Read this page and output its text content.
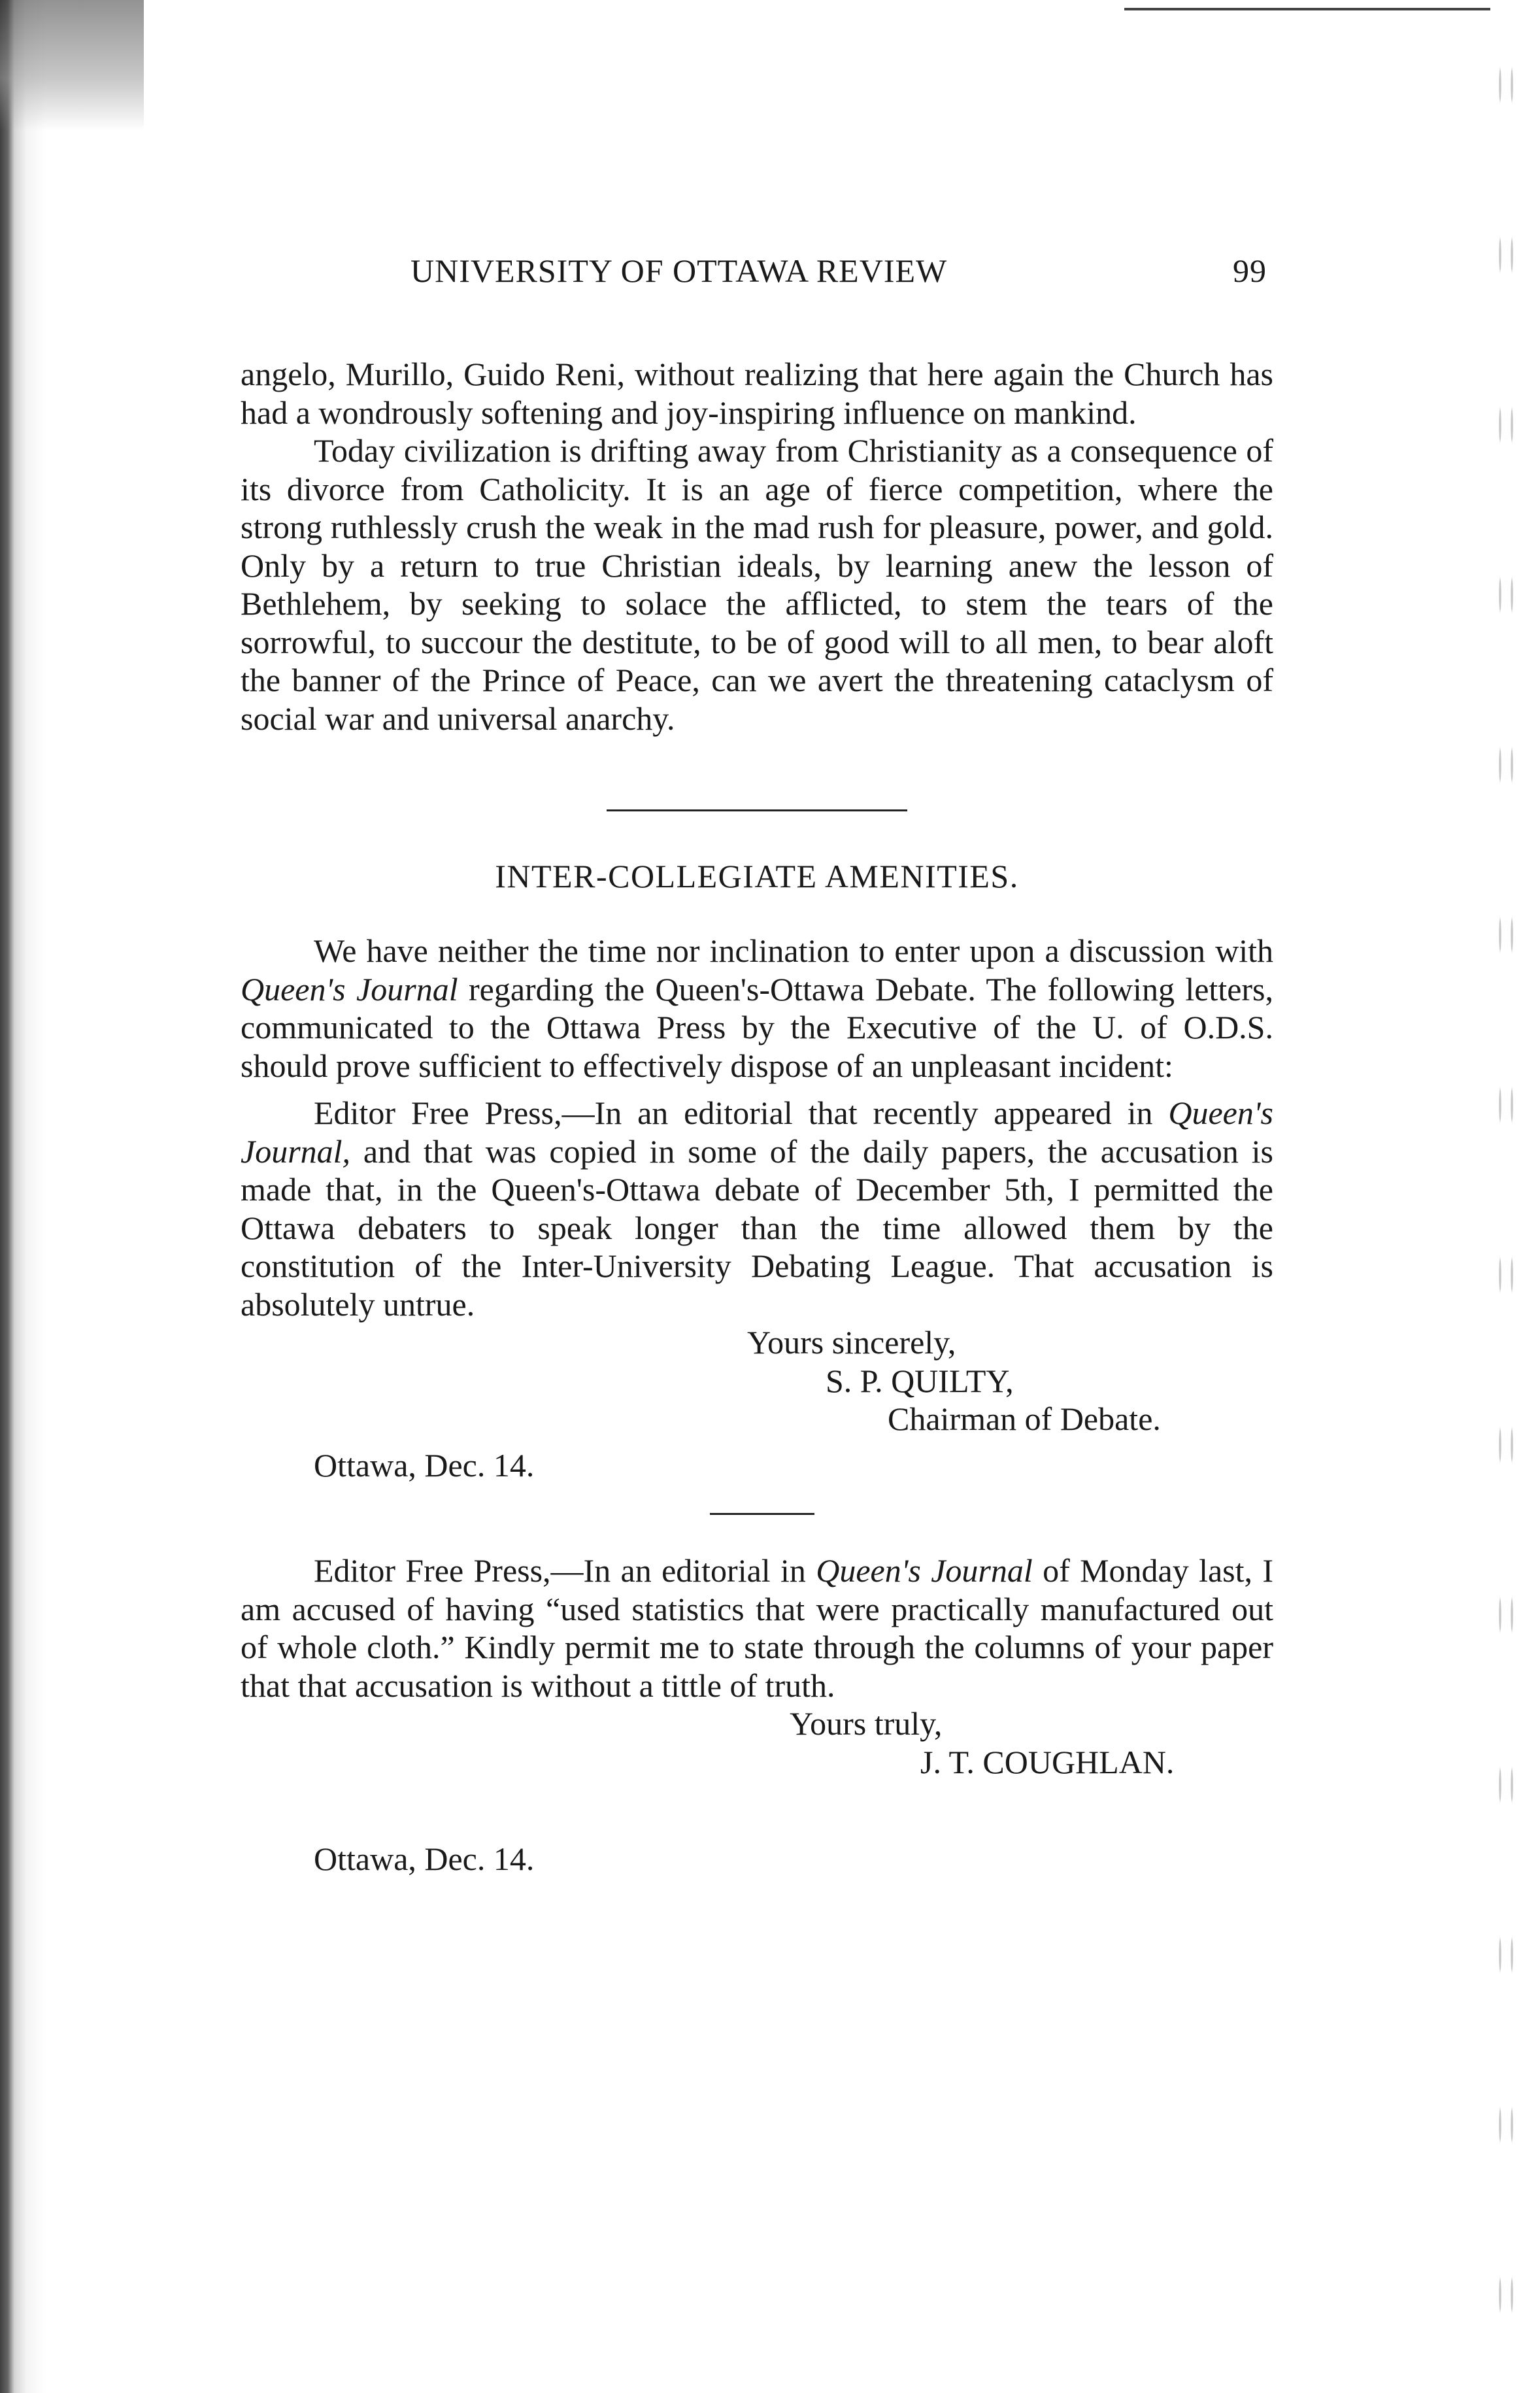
UNIVERSITY OF OTTAWA REVIEW	99

angelo, Murillo, Guido Reni, without realizing that here again the Church has had a wondrously softening and joy-inspiring influence on mankind.

Today civilization is drifting away from Christianity as a consequence of its divorce from Catholicity. It is an age of fierce competition, where the strong ruthlessly crush the weak in the mad rush for pleasure, power, and gold. Only by a return to true Christian ideals, by learning anew the lesson of Bethlehem, by seeking to solace the afflicted, to stem the tears of the sorrowful, to succour the destitute, to be of good will to all men, to bear aloft the banner of the Prince of Peace, can we avert the threatening cataclysm of social war and universal anarchy.

INTER-COLLEGIATE AMENITIES.

We have neither the time nor inclination to enter upon a discussion with Queen's Journal regarding the Queen's-Ottawa Debate. The following letters, communicated to the Ottawa Press by the Executive of the U. of O.D.S. should prove sufficient to effectively dispose of an unpleasant incident:

Editor Free Press,—In an editorial that recently appeared in Queen's Journal, and that was copied in some of the daily papers, the accusation is made that, in the Queen's-Ottawa debate of December 5th, I permitted the Ottawa debaters to speak longer than the time allowed them by the constitution of the Inter-University Debating League. That accusation is absolutely untrue.

Yours sincerely,
S. P. QUILTY,
Chairman of Debate.
Ottawa, Dec. 14.

Editor Free Press,—In an editorial in Queen's Journal of Monday last, I am accused of having “used statistics that were practically manufactured out of whole cloth.” Kindly permit me to state through the columns of your paper that that accusation is without a tittle of truth.

Yours truly,
J. T. COUGHLAN.
Ottawa, Dec. 14.
